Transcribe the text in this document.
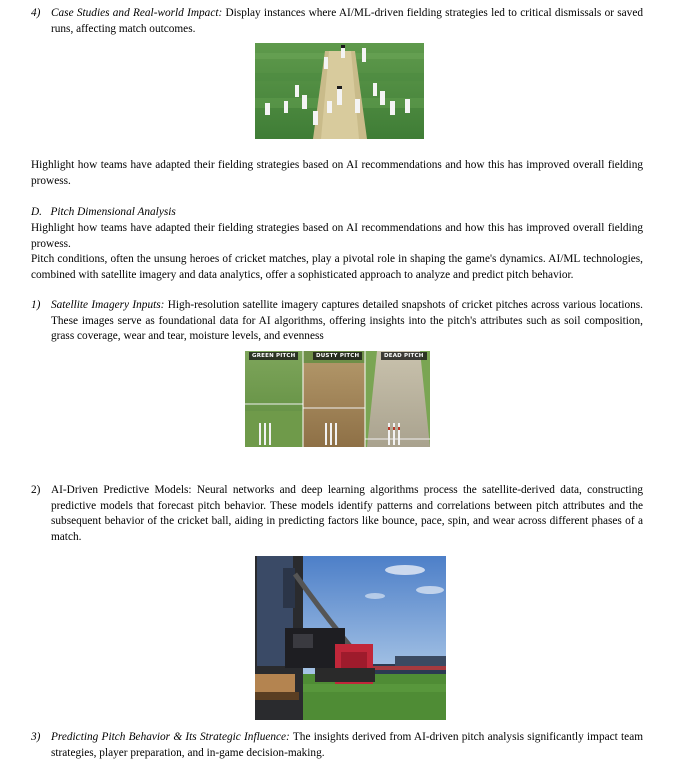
4) Case Studies and Real-world Impact: Display instances where AI/ML-driven fielding strategies led to critical dismissals or saved runs, affecting match outcomes.
Highlight how teams have adapted their fielding strategies based on AI recommendations and how this has improved overall fielding prowess.
D. Pitch Dimensional Analysis
Highlight how teams have adapted their fielding strategies based on AI recommendations and how this has improved overall fielding prowess.
Pitch conditions, often the unsung heroes of cricket matches, play a pivotal role in shaping the game's dynamics. AI/ML technologies, combined with satellite imagery and data analytics, offer a sophisticated approach to analyze and predict pitch behavior.
1) Satellite Imagery Inputs: High-resolution satellite imagery captures detailed snapshots of cricket pitches across various locations. These images serve as foundational data for AI algorithms, offering insights into the pitch's attributes such as soil composition, grass coverage, wear and tear, moisture levels, and evenness
GREEN PITCH	DUSTY PITCH	DEAD PITCH
2) AI-Driven Predictive Models: Neural networks and deep learning algorithms process the satellite-derived data, constructing predictive models that forecast pitch behavior. These models identify patterns and correlations between pitch attributes and the subsequent behavior of the cricket ball, aiding in predicting factors like bounce, pace, spin, and wear across different phases of a match.
3) Predicting Pitch Behavior & Its Strategic Influence: The insights derived from AI-driven pitch analysis significantly impact team strategies, player preparation, and in-game decision-making.
